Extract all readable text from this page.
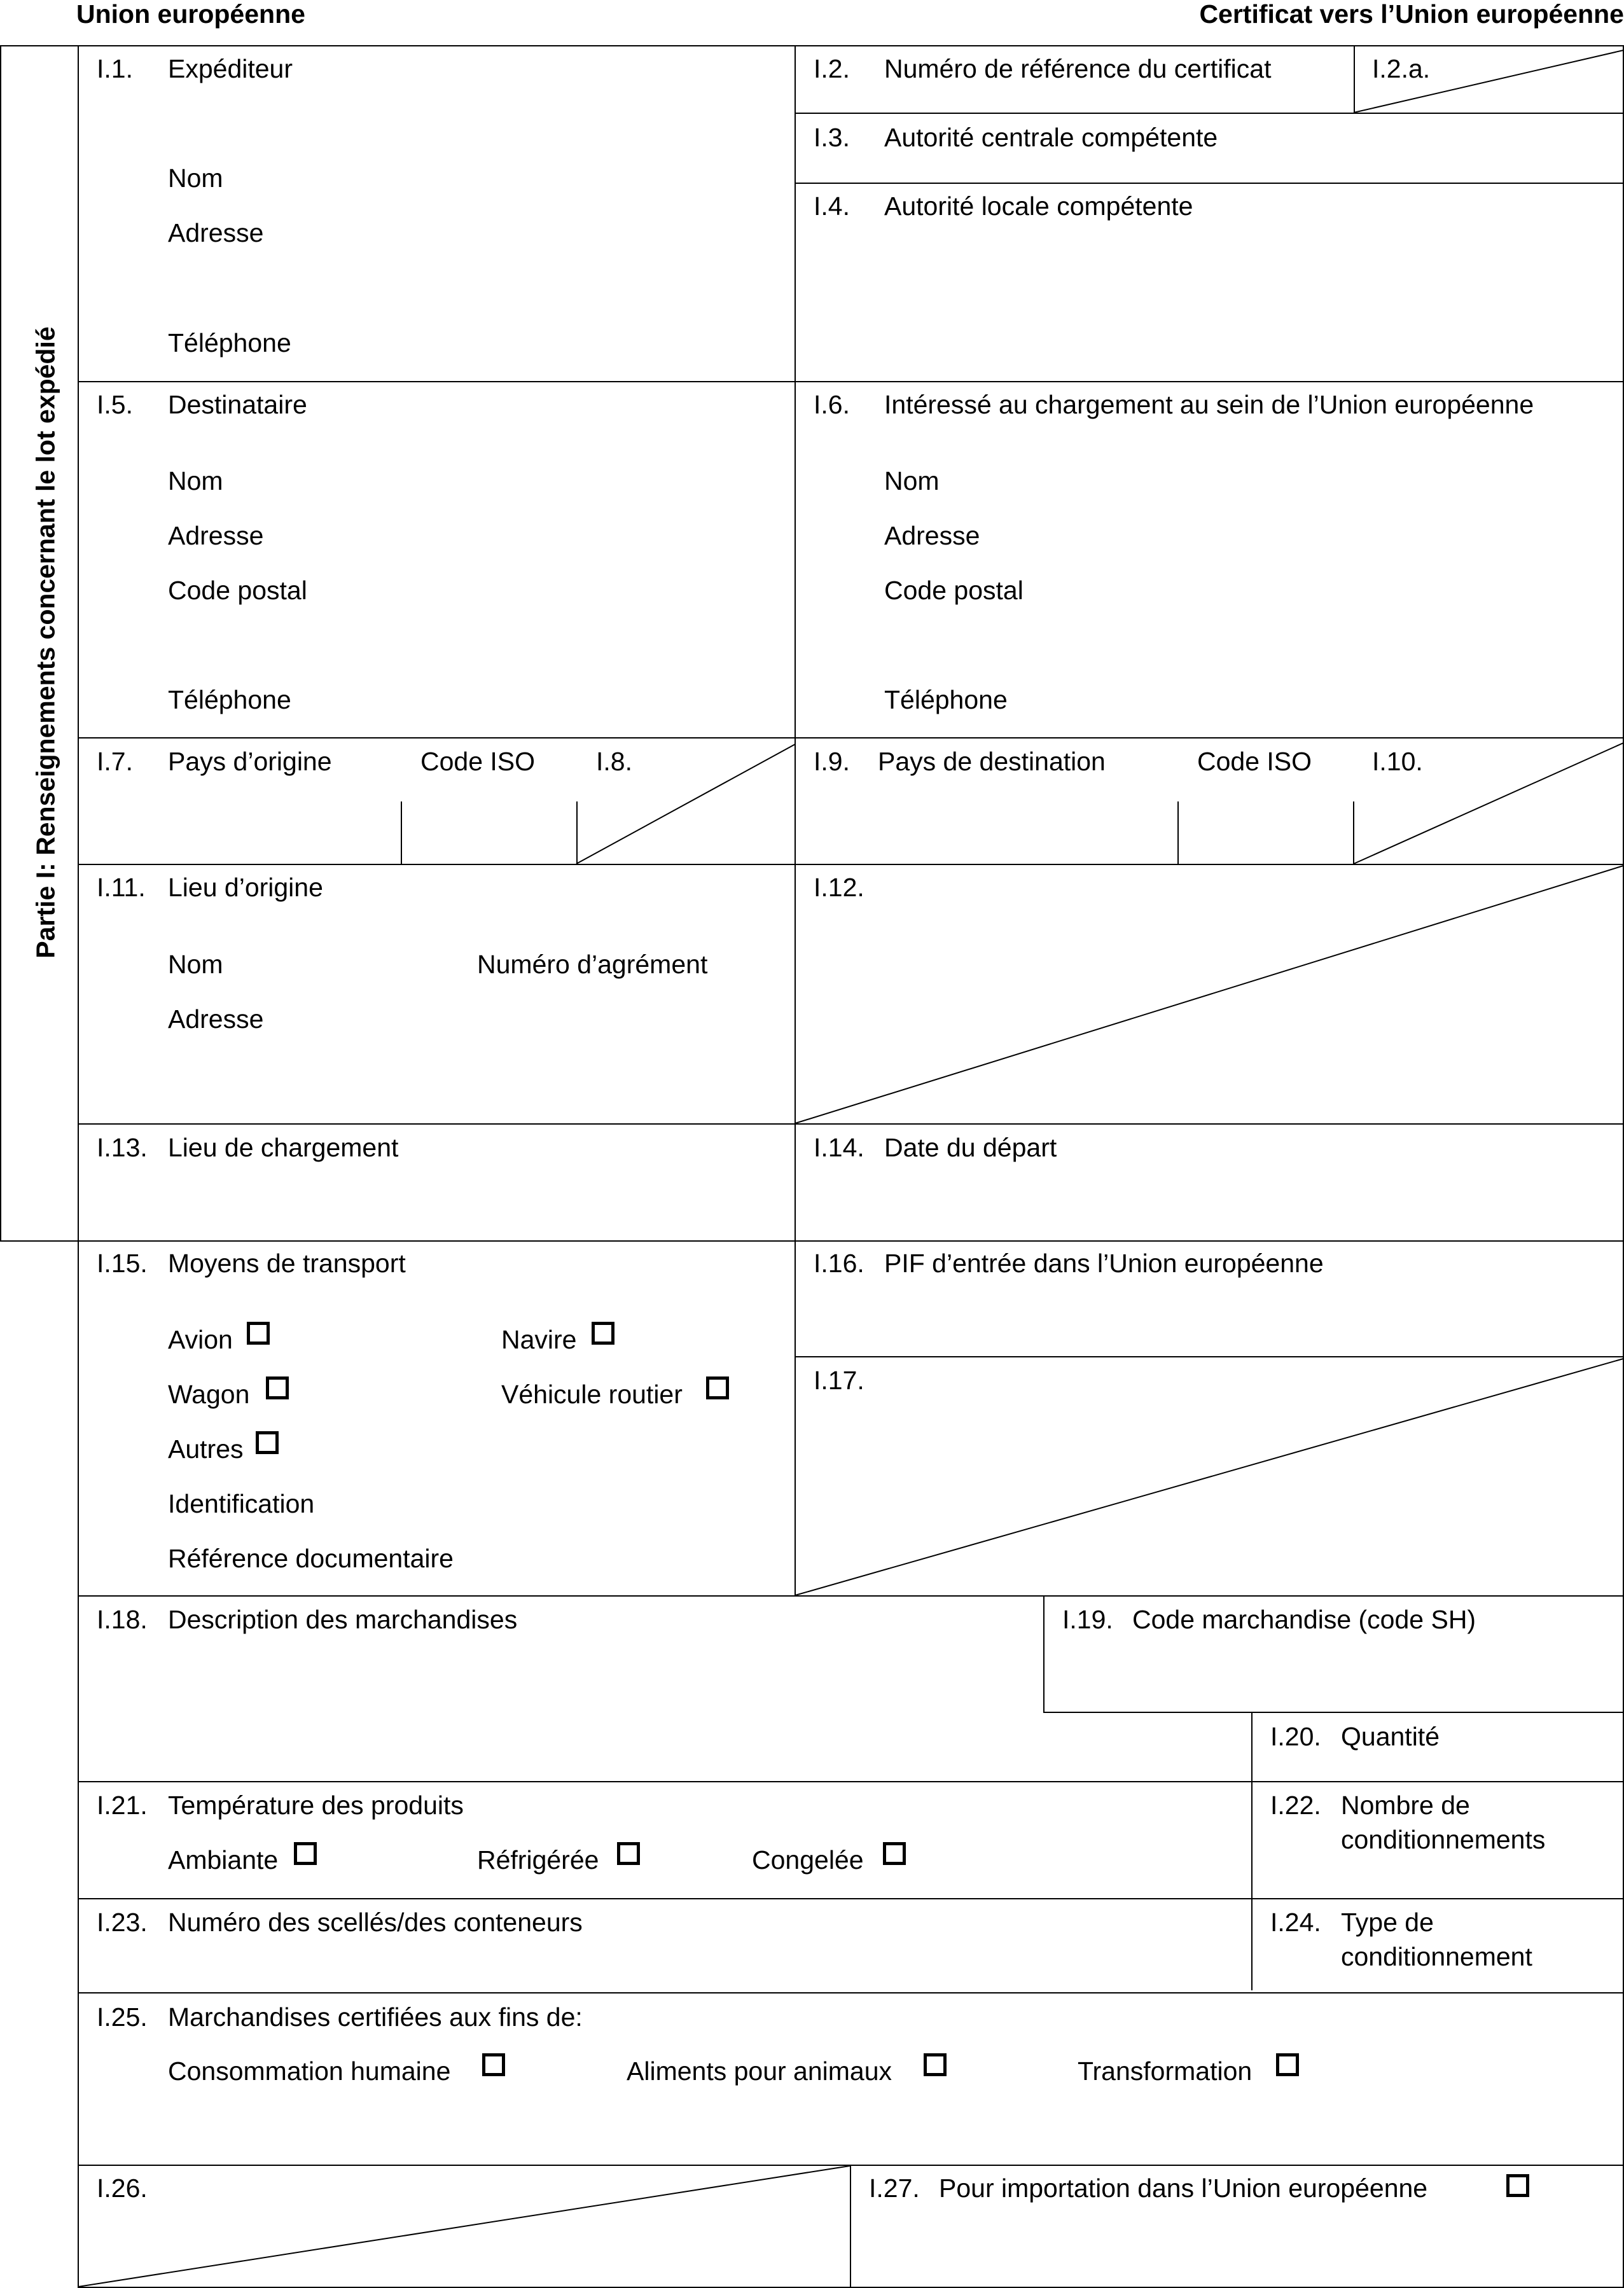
Union européenne	Certificat vers l’Union européenne
Partie I: Renseignements concernant le lot expédié
I.1. Expéditeur
Nom
Adresse
Téléphone
I.2. Numéro de référence du certificat	I.2.a.
I.3. Autorité centrale compétente
I.4. Autorité locale compétente
I.5. Destinataire
Nom
Adresse
Code postal
Téléphone
I.6. Intéressé au chargement au sein de l’Union européenne
Nom
Adresse
Code postal
Téléphone
I.7. Pays d’origine	Code ISO I.8.	I.9. Pays de destination	Code ISO I.10.
I.11. Lieu d’origine
Nom	Numéro d’agrément
Adresse
I.12.
I.13. Lieu de chargement	I.14. Date du départ
I.15. Moyens de transport
Avion	Navire
Wagon	Véhicule routier
Autres
Identification
Référence documentaire
I.16. PIF d’entrée dans l’Union européenne
I.17.
I.18. Description des marchandises	I.19. Code marchandise (code SH)
I.20. Quantité
I.21. Température des produits
Ambiante	Réfrigérée	Congelée
I.22. Nombre de
conditionnements
I.23. Numéro des scellés/des conteneurs	I.24. Type de
conditionnement
I.25. Marchandises certifiées aux fins de:
Consommation humaine	Aliments pour animaux	Transformation
I.26.	I.27. Pour importation dans l’Union européenne
